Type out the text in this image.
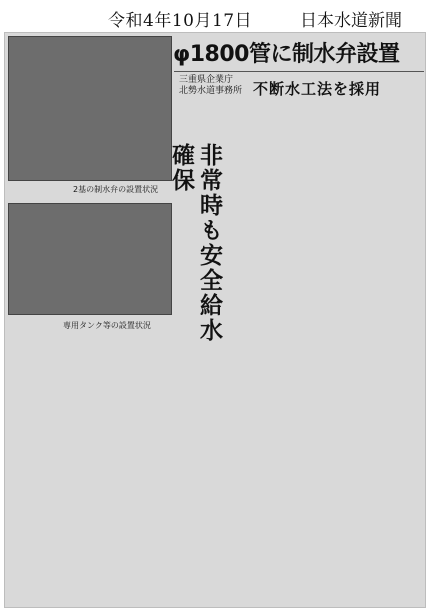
令和4年10月17日	日本水道新聞
2基の制水弁の設置状況
専用タンク等の設置状況
φ1800管に制水弁設置
三重県企業庁
北勢水道事務所 不断水工法を採用
非常時も安全給水確保
